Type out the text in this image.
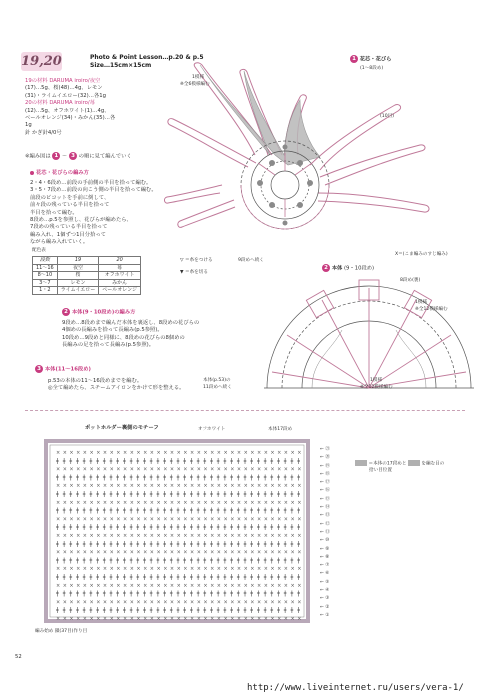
19,20	Photo & Point Lesson…p.20 & p.5
Size…15cm×15cm
19の材料 DARUMA iroiro/夜空
(17)…5g、桜(48)…4g、レモン
(31)・ライムイエロー(32)…各1g
20の材料 DARUMA iroiro/苺
(12)…5g、オフホワイト(1)…4g、
ベールオレンジ(34)・みかん(35)…各
1g
針 かぎ針4/0号
※編み図は 1 〜 3 の順に見て編んでいく
花芯・花びらの編み方
2・4・6段め…前段の手前側の半目を拾って編む。
3・5・7段め…前段の向こう側の半目を拾って編む。
前段のピコットを手前に倒して、
前々段の残っている半目を拾って
半目を拾って編む。
8段め…p.5を参照し、花びらが編めたら、
7段めの残っている半目を拾って
編み入れ、1個ずつ1目分拾って
ながら編み入れていく。
配色表
段数	19	20
11〜16	夜空	苺
8〜10	桜	オフホワイト
3〜7	レモン	みかん
1・2	ライムイエロー	ペールオレンジ
▽ ＝糸をつける
▼ ＝糸を切る
2 本体(9・10段め)の編み方
9段め…8段めまで編んだ本体を裏返し、8段めの花びらの
4個めの長編みを拾って長編み(p.5参照)。
10段め…9段めと同様に、8段めの花びらの8個めの
長編みの足を拾って長編み(p.5参照)。
3 本体(11〜16段め)
p.53の本体の11〜16段めまでを編む。
◎全て編めたら、スチームアイロンをかけて形を整える。
1 花芯・花びら
(1〜8段め)
1模様
※全6模様編む
(10目)
9段めへ続く
2 本体 (9・10段め)
X＝(こま編みのすじ編み)
8段め(裏)
1模様
※全12模様編む
1模様
※全12模様編む
本体(p.53)の
11段めへ続く
ポットホルダー裏側のモチーフ	オフホワイト	本体17段め
× × × × × × × × × × × × × × × × × × × × × × × × × × × × × × × × × × × × ×
ǂ ǂ ǂ ǂ ǂ ǂ ǂ ǂ ǂ ǂ ǂ ǂ ǂ ǂ ǂ ǂ ǂ ǂ ǂ ǂ ǂ ǂ ǂ ǂ ǂ ǂ ǂ ǂ ǂ ǂ ǂ ǂ ǂ ǂ ǂ ǂ ǂ
× × × × × × × × × × × × × × × × × × × × × × × × × × × × × × × × × × × × ×
ǂ ǂ ǂ ǂ ǂ ǂ ǂ ǂ ǂ ǂ ǂ ǂ ǂ ǂ ǂ ǂ ǂ ǂ ǂ ǂ ǂ ǂ ǂ ǂ ǂ ǂ ǂ ǂ ǂ ǂ ǂ ǂ ǂ ǂ ǂ ǂ ǂ
× × × × × × × × × × × × × × × × × × × × × × × × × × × × × × × × × × × × ×
ǂ ǂ ǂ ǂ ǂ ǂ ǂ ǂ ǂ ǂ ǂ ǂ ǂ ǂ ǂ ǂ ǂ ǂ ǂ ǂ ǂ ǂ ǂ ǂ ǂ ǂ ǂ ǂ ǂ ǂ ǂ ǂ ǂ ǂ ǂ ǂ ǂ
× × × × × × × × × × × × × × × × × × × × × × × × × × × × × × × × × × × × ×
ǂ ǂ ǂ ǂ ǂ ǂ ǂ ǂ ǂ ǂ ǂ ǂ ǂ ǂ ǂ ǂ ǂ ǂ ǂ ǂ ǂ ǂ ǂ ǂ ǂ ǂ ǂ ǂ ǂ ǂ ǂ ǂ ǂ ǂ ǂ ǂ ǂ
× × × × × × × × × × × × × × × × × × × × × × × × × × × × × × × × × × × × ×
ǂ ǂ ǂ ǂ ǂ ǂ ǂ ǂ ǂ ǂ ǂ ǂ ǂ ǂ ǂ ǂ ǂ ǂ ǂ ǂ ǂ ǂ ǂ ǂ ǂ ǂ ǂ ǂ ǂ ǂ ǂ ǂ ǂ ǂ ǂ ǂ ǂ
× × × × × × × × × × × × × × × × × × × × × × × × × × × × × × × × × × × × ×
ǂ ǂ ǂ ǂ ǂ ǂ ǂ ǂ ǂ ǂ ǂ ǂ ǂ ǂ ǂ ǂ ǂ ǂ ǂ ǂ ǂ ǂ ǂ ǂ ǂ ǂ ǂ ǂ ǂ ǂ ǂ ǂ ǂ ǂ ǂ ǂ ǂ
× × × × × × × × × × × × × × × × × × × × × × × × × × × × × × × × × × × × ×
ǂ ǂ ǂ ǂ ǂ ǂ ǂ ǂ ǂ ǂ ǂ ǂ ǂ ǂ ǂ ǂ ǂ ǂ ǂ ǂ ǂ ǂ ǂ ǂ ǂ ǂ ǂ ǂ ǂ ǂ ǂ ǂ ǂ ǂ ǂ ǂ ǂ
× × × × × × × × × × × × × × × × × × × × × × × × × × × × × × × × × × × × ×
ǂ ǂ ǂ ǂ ǂ ǂ ǂ ǂ ǂ ǂ ǂ ǂ ǂ ǂ ǂ ǂ ǂ ǂ ǂ ǂ ǂ ǂ ǂ ǂ ǂ ǂ ǂ ǂ ǂ ǂ ǂ ǂ ǂ ǂ ǂ ǂ ǂ
× × × × × × × × × × × × × × × × × × × × × × × × × × × × × × × × × × × × ×
ǂ ǂ ǂ ǂ ǂ ǂ ǂ ǂ ǂ ǂ ǂ ǂ ǂ ǂ ǂ ǂ ǂ ǂ ǂ ǂ ǂ ǂ ǂ ǂ ǂ ǂ ǂ ǂ ǂ ǂ ǂ ǂ ǂ ǂ ǂ ǂ ǂ
× × × × × × × × × × × × × × × × × × × × × × × × × × × × × × × × × × × × ×
ǂ ǂ ǂ ǂ ǂ ǂ ǂ ǂ ǂ ǂ ǂ ǂ ǂ ǂ ǂ ǂ ǂ ǂ ǂ ǂ ǂ ǂ ǂ ǂ ǂ ǂ ǂ ǂ ǂ ǂ ǂ ǂ ǂ ǂ ǂ ǂ ǂ
× × × × × × × × × × × × × × × × × × × × × × × × × × × × × × × × × × × × ×
← ㉑
← ⑳
← ⑲
← ⑱
← ⑰
← ⑯
← ⑮
← ⑭
← ⑬
← ⑫
← ⑪
← ⑩
← ⑨
← ⑧
← ⑦
← ⑥
← ⑤
← ④
← ③
← ②
← ①
＝本体の17段めと	を編む目の
拾い目位置
編み始め 鎖(37目)作り目
52
http://www.liveinternet.ru/users/vera-1/
